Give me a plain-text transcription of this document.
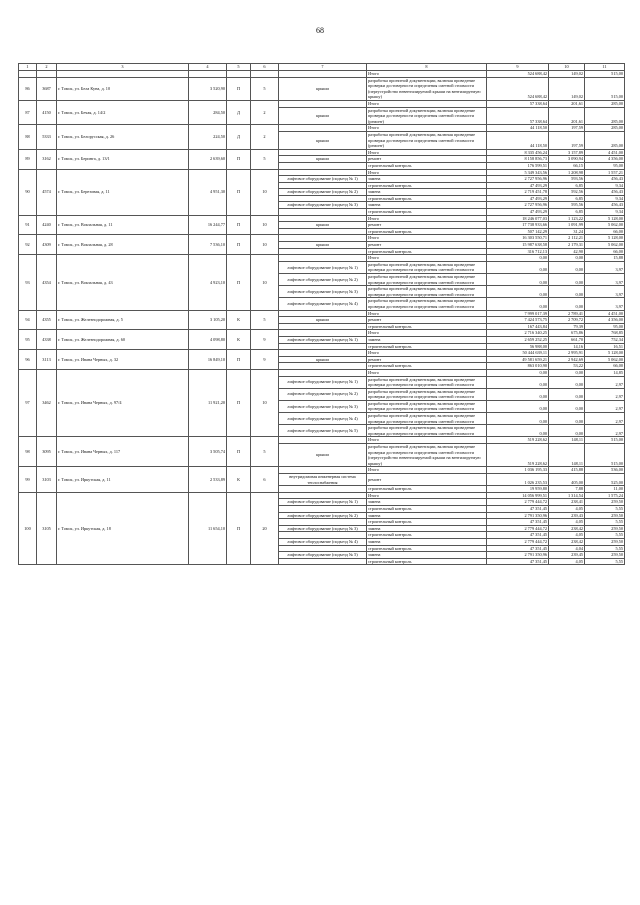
68
1	2	3	4	5	6	7	8	9	10	11
							Итого	524 688,42	149,02	515,00
86	3687	г. Томск, ул. Бела Куна, д. 10	3 520,90	П	5	крыши	разработка проектной документации, включая проведение проверки достоверности определения сметной стоимости (переустройство невентилируемой крыши на вентилируемую крышу)	524 688,42	149,02	515,00
87	4150	г. Томск, ул. Бечая, д. 14/2	284,50	Д	2		Итого	57 338,64	201,61	285,00
						крыши	разработка проектной документации, включая проведение проверки достоверности определения сметной стоимости (ремонт)	57 338,64	201,61	285,00
88	5333	г. Томск, ул. Белорусская, д. 26	224,50	Д	2		Итого	44 118,50	197,59	285,00
						крыши	разработка проектной документации, включая проведение проверки достоверности определения сметной стоимости (ремонт)	44 118,50	197,59	285,00
89	3162	г. Томск, ул. Беринга, д. 13/1	2 639,60	П	5		Итого	8 335 456,24	3 157,89	4 451,00
						крыши	ремонт	8 158 856,73	3 090,94	4 356,00
							строительный контроль	176 599,51	66,15	95,00
90	4574	г. Томск, ул. Березовая, д. 11	4 951,30	П	10		Итого	5 349 343,56	1 208,98	1 557,21
						лифтовое оборудование (подъезд № 1)	замена	2 727 956,96	593,56	456,43
							строительный контроль	47 493,29	6,85	9,34
						лифтовое оборудование (подъезд № 2)	замена	2 719 451,78	592,56	456,43
							строительный контроль	47 493,29	6,85	9,34
						лифтовое оборудование (подъезд № 3)	замена	2 727 956,96	595,56	456,43
							строительный контроль	47 493,29	6,85	9,34
91	4240	г. Томск, ул. Вокзальная, д. 11	16 244,77	П	10		Итого	18 246 077,03	1 123,22	5 128,00
						крыши	ремонт	17 738 933,66	1 091,99	5 062,00
							строительный контроль	507 142,29	31,24	66,00
92	4309	г. Томск, ул. Вокзальная, д. 28	7 536,10	П	10		Итого	16 303 550,71	2 112,21	5 128,00
						крыши	ремонт	15 987 638,58	2 179,31	5 062,00
							строительный контроль	316 712,13	42,90	66,00
93	4354	г. Томск, ул. Вокзальная, д. 43	4 923,10	П	10		Итого	0,00	0,00	15,88
						лифтовое оборудование (подъезд № 1)	разработка проектной документации, включая проведение проверки достоверности определения сметной стоимости	0,00	0,00	3,97
						лифтовое оборудование (подъезд № 2)	разработка проектной документации, включая проведение проверки достоверности определения сметной стоимости	0,00	0,00	3,97
						лифтовое оборудование (подъезд № 3)	разработка проектной документации, включая проведение проверки достоверности определения сметной стоимости	0,00	0,00	3,97
						лифтовое оборудование (подъезд № 4)	разработка проектной документации, включая проведение проверки достоверности определения сметной стоимости	0,00	0,00	3,97
94	4355	г. Томск, ул. Железнодорожная, д. 5	3 105,20	К	5		Итого	7 999 017,39	2 789,41	4 451,00
						крыши	ремонт	7 424 573,75	2 709,72	4 356,00
							строительный контроль	167 443,84	79,39	95,00
95	4338	г. Томск, ул. Железнодорожная, д. 60	4 098,80	К	9		Итого	2 716 340,25	675,86	768,85
						лифтовое оборудование (подъезд № 1)	замена	2 659 252,25	661,70	752,34
							строительный контроль	56 988,00	14,16	16,51
96	3113	г. Томск, ул. Ивана Черных, д. 32	16 849,10	П	9		Итого	50 444 639,11	2 995,91	5 128,00
						крыши	ремонт	49 581 659,21	2 942,69	5 062,00
							строительный контроль	863 010,90	53,22	66,00
97	3462	г. Томск, ул. Ивана Черных, д. 97/4	11 921,20	П	10		Итого	0,00	0,00	14,85
						лифтовое оборудование (подъезд № 1)	разработка проектной документации, включая проведение проверки достоверности определения сметной стоимости	0,00	0,00	2,97
						лифтовое оборудование (подъезд № 2)	разработка проектной документации, включая проведение проверки достоверности определения сметной стоимости	0,00	0,00	2,97
						лифтовое оборудование (подъезд № 3)	разработка проектной документации, включая проведение проверки достоверности определения сметной стоимости	0,00	0,00	2,97
						лифтовое оборудование (подъезд № 4)	разработка проектной документации, включая проведение проверки достоверности определения сметной стоимости	0,00	0,00	2,97
						лифтовое оборудование (подъезд № 5)	разработка проектной документации, включая проведение проверки достоверности определения сметной стоимости	0,00	0,00	2,97
98	3095	г. Томск, ул. Ивана Черных, д. 117	3 505,74	П	5		Итого	519 228,62	148,11	515,00
						крыши	разработка проектной документации, включая проведение проверки достоверности определения сметной стоимости (переустройство невентилируемой крыши на вентилируемую крышу)	519 228,62	148,11	515,00
99	3103	г. Томск, ул. Иркутская, д. 11	2 533,89	К	6		Итого	1 036 195,33	415,88	536,00
						внутридомовая инженерная система теплоснабжения	ремонт	1 026 235,53	405,00	525,00
							строительный контроль	19 959,80	7,88	11,00
100	3105	г. Томск, ул. Иркутская, д. 18	11 654,10	П	20		Итого	14 056 999,51	1 314,54	1 575,24
						лифтовое оборудование (подъезд № 1)	замена	2 779 444,72	238,41	259,50
							строительный контроль	47 351,45	4,05	5,55
						лифтовое оборудование (подъезд № 2)	замена	2 791 350,96	239,43	259,50
							строительный контроль	47 351,45	4,05	5,55
						лифтовое оборудование (подъезд № 3)	замена	2 779 444,72	238,42	259,50
							строительный контроль	47 351,45	4,05	5,55
						лифтовое оборудование (подъезд № 4)	замена	2 779 444,72	238,42	259,50
							строительный контроль	47 351,45	4,04	5,55
						лифтовое оборудование (подъезд № 5)	замена	2 791 350,96	239,45	259,50
							строительный контроль	47 351,45	4,05	5,55
